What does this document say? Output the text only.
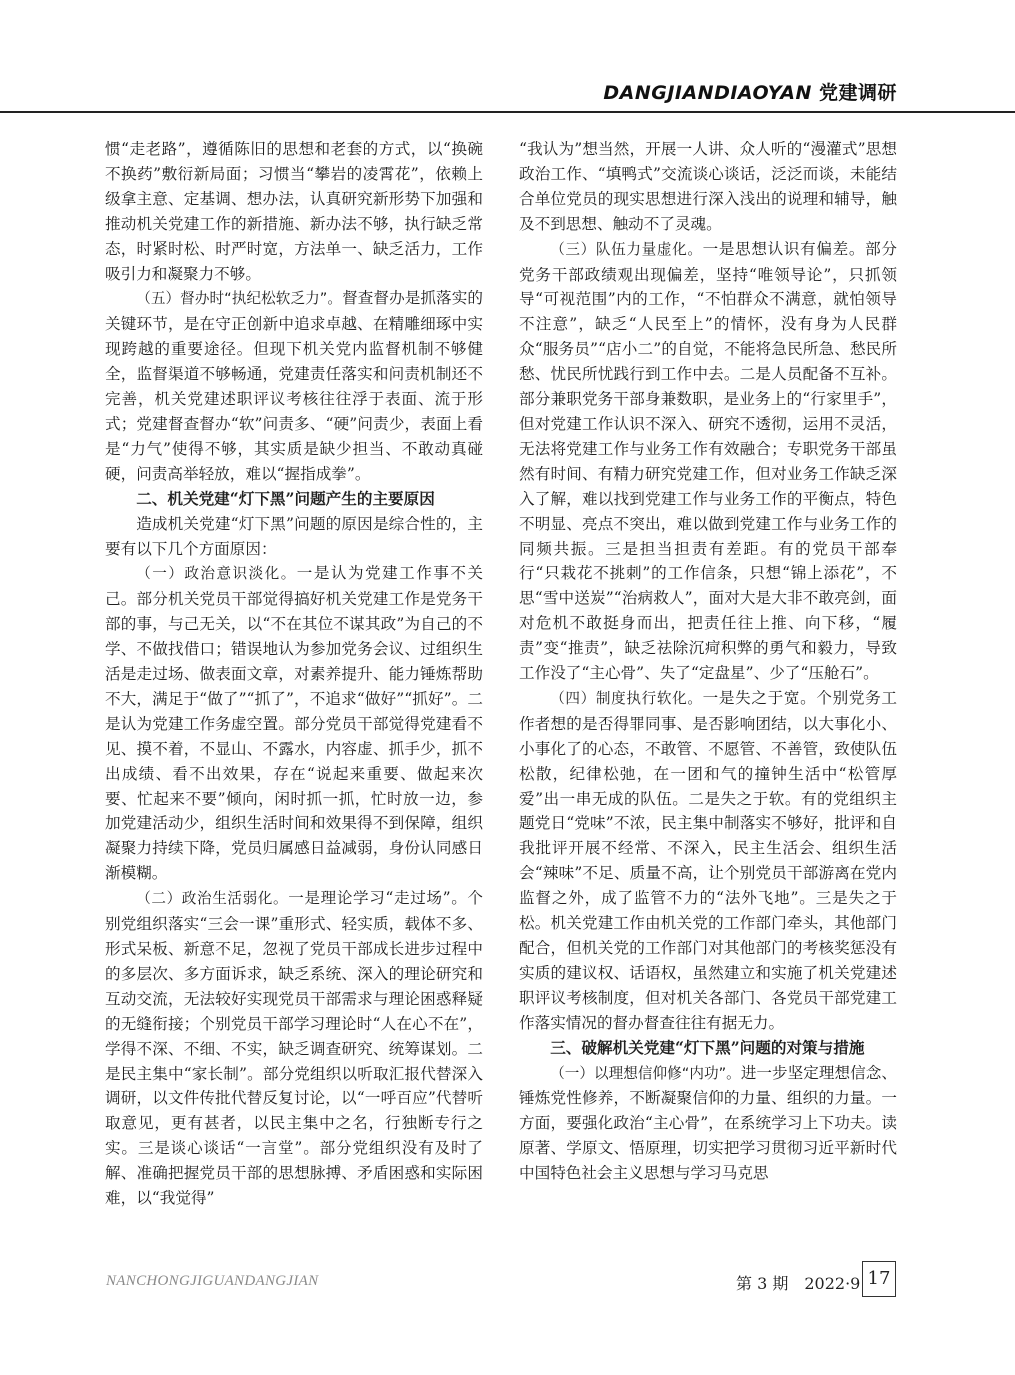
DANGJIANDIAOYAN 党建调研

惯“走老路”，遵循陈旧的思想和老套的方式，以“换碗不换药”敷衍新局面；习惯当“攀岩的凌霄花”，依赖上级拿主意、定基调、想办法，认真研究新形势下加强和推动机关党建工作的新措施、新办法不够，执行缺乏常态，时紧时松、时严时宽，方法单一、缺乏活力，工作吸引力和凝聚力不够。

（五）督办时“执纪松软乏力”。督查督办是抓落实的关键环节，是在守正创新中追求卓越、在精雕细琢中实现跨越的重要途径。但现下机关党内监督机制不够健全，监督渠道不够畅通，党建责任落实和问责机制还不完善，机关党建述职评议考核往往浮于表面、流于形式；党建督查督办“软”问责多、“硬”问责少，表面上看是“力气”使得不够，其实质是缺少担当、不敢动真碰硬，问责高举轻放，难以“握指成拳”。

二、机关党建“灯下黑”问题产生的主要原因

造成机关党建“灯下黑”问题的原因是综合性的，主要有以下几个方面原因：

（一）政治意识淡化。一是认为党建工作事不关己。部分机关党员干部觉得搞好机关党建工作是党务干部的事，与己无关，以“不在其位不谋其政”为自己的不学、不做找借口；错误地认为参加党务会议、过组织生活是走过场、做表面文章，对素养提升、能力锤炼帮助不大，满足于“做了”“抓了”，不追求“做好”“抓好”。二是认为党建工作务虚空置。部分党员干部觉得党建看不见、摸不着，不显山、不露水，内容虚、抓手少，抓不出成绩、看不出效果，存在“说起来重要、做起来次要、忙起来不要”倾向，闲时抓一抓，忙时放一边，参加党建活动少，组织生活时间和效果得不到保障，组织凝聚力持续下降，党员归属感日益减弱，身份认同感日渐模糊。

（二）政治生活弱化。一是理论学习“走过场”。个别党组织落实“三会一课”重形式、轻实质，载体不多、形式呆板、新意不足，忽视了党员干部成长进步过程中的多层次、多方面诉求，缺乏系统、深入的理论研究和互动交流，无法较好实现党员干部需求与理论困惑释疑的无缝衔接；个别党员干部学习理论时“人在心不在”，学得不深、不细、不实，缺乏调查研究、统筹谋划。二是民主集中“家长制”。部分党组织以听取汇报代替深入调研，以文件传批代替反复讨论，以“一呼百应”代替听取意见，更有甚者，以民主集中之名，行独断专行之实。三是谈心谈话“一言堂”。部分党组织没有及时了解、准确把握党员干部的思想脉搏、矛盾困惑和实际困难，以“我觉得”

“我认为”想当然，开展一人讲、众人听的“漫灌式”思想政治工作、“填鸭式”交流谈心谈话，泛泛而谈，未能结合单位党员的现实思想进行深入浅出的说理和辅导，触及不到思想、触动不了灵魂。

（三）队伍力量虚化。一是思想认识有偏差。部分党务干部政绩观出现偏差，坚持“唯领导论”，只抓领导“可视范围”内的工作，“不怕群众不满意，就怕领导不注意”，缺乏“人民至上”的情怀，没有身为人民群众“服务员”“店小二”的自觉，不能将急民所急、愁民所愁、忧民所忧践行到工作中去。二是人员配备不互补。部分兼职党务干部身兼数职，是业务上的“行家里手”，但对党建工作认识不深入、研究不透彻，运用不灵活，无法将党建工作与业务工作有效融合；专职党务干部虽然有时间、有精力研究党建工作，但对业务工作缺乏深入了解，难以找到党建工作与业务工作的平衡点，特色不明显、亮点不突出，难以做到党建工作与业务工作的同频共振。三是担当担责有差距。有的党员干部奉行“只栽花不挑刺”的工作信条，只想“锦上添花”，不思“雪中送炭”“治病救人”，面对大是大非不敢亮剑，面对危机不敢挺身而出，把责任往上推、向下移，“履责”变“推责”，缺乏祛除沉疴积弊的勇气和毅力，导致工作没了“主心骨”、失了“定盘星”、少了“压舱石”。

（四）制度执行软化。一是失之于宽。个别党务工作者想的是否得罪同事、是否影响团结，以大事化小、小事化了的心态，不敢管、不愿管、不善管，致使队伍松散，纪律松弛，在一团和气的撞钟生活中“松管厚爱”出一串无成的队伍。二是失之于软。有的党组织主题党日“党味”不浓，民主集中制落实不够好，批评和自我批评开展不经常、不深入，民主生活会、组织生活会“辣味”不足、质量不高，让个别党员干部游离在党内监督之外，成了监管不力的“法外飞地”。三是失之于松。机关党建工作由机关党的工作部门牵头，其他部门配合，但机关党的工作部门对其他部门的考核奖惩没有实质的建议权、话语权，虽然建立和实施了机关党建述职评议考核制度，但对机关各部门、各党员干部党建工作落实情况的督办督查往往有据无力。

三、破解机关党建“灯下黑”问题的对策与措施

（一）以理想信仰修“内功”。进一步坚定理想信念、锤炼党性修养，不断凝聚信仰的力量、组织的力量。一方面，要强化政治“主心骨”，在系统学习上下功夫。读原著、学原文、悟原理，切实把学习贯彻习近平新时代中国特色社会主义思想与学习马克思

NANCHONGJIGUANDANGJIAN	第 3 期　2022·9 17
